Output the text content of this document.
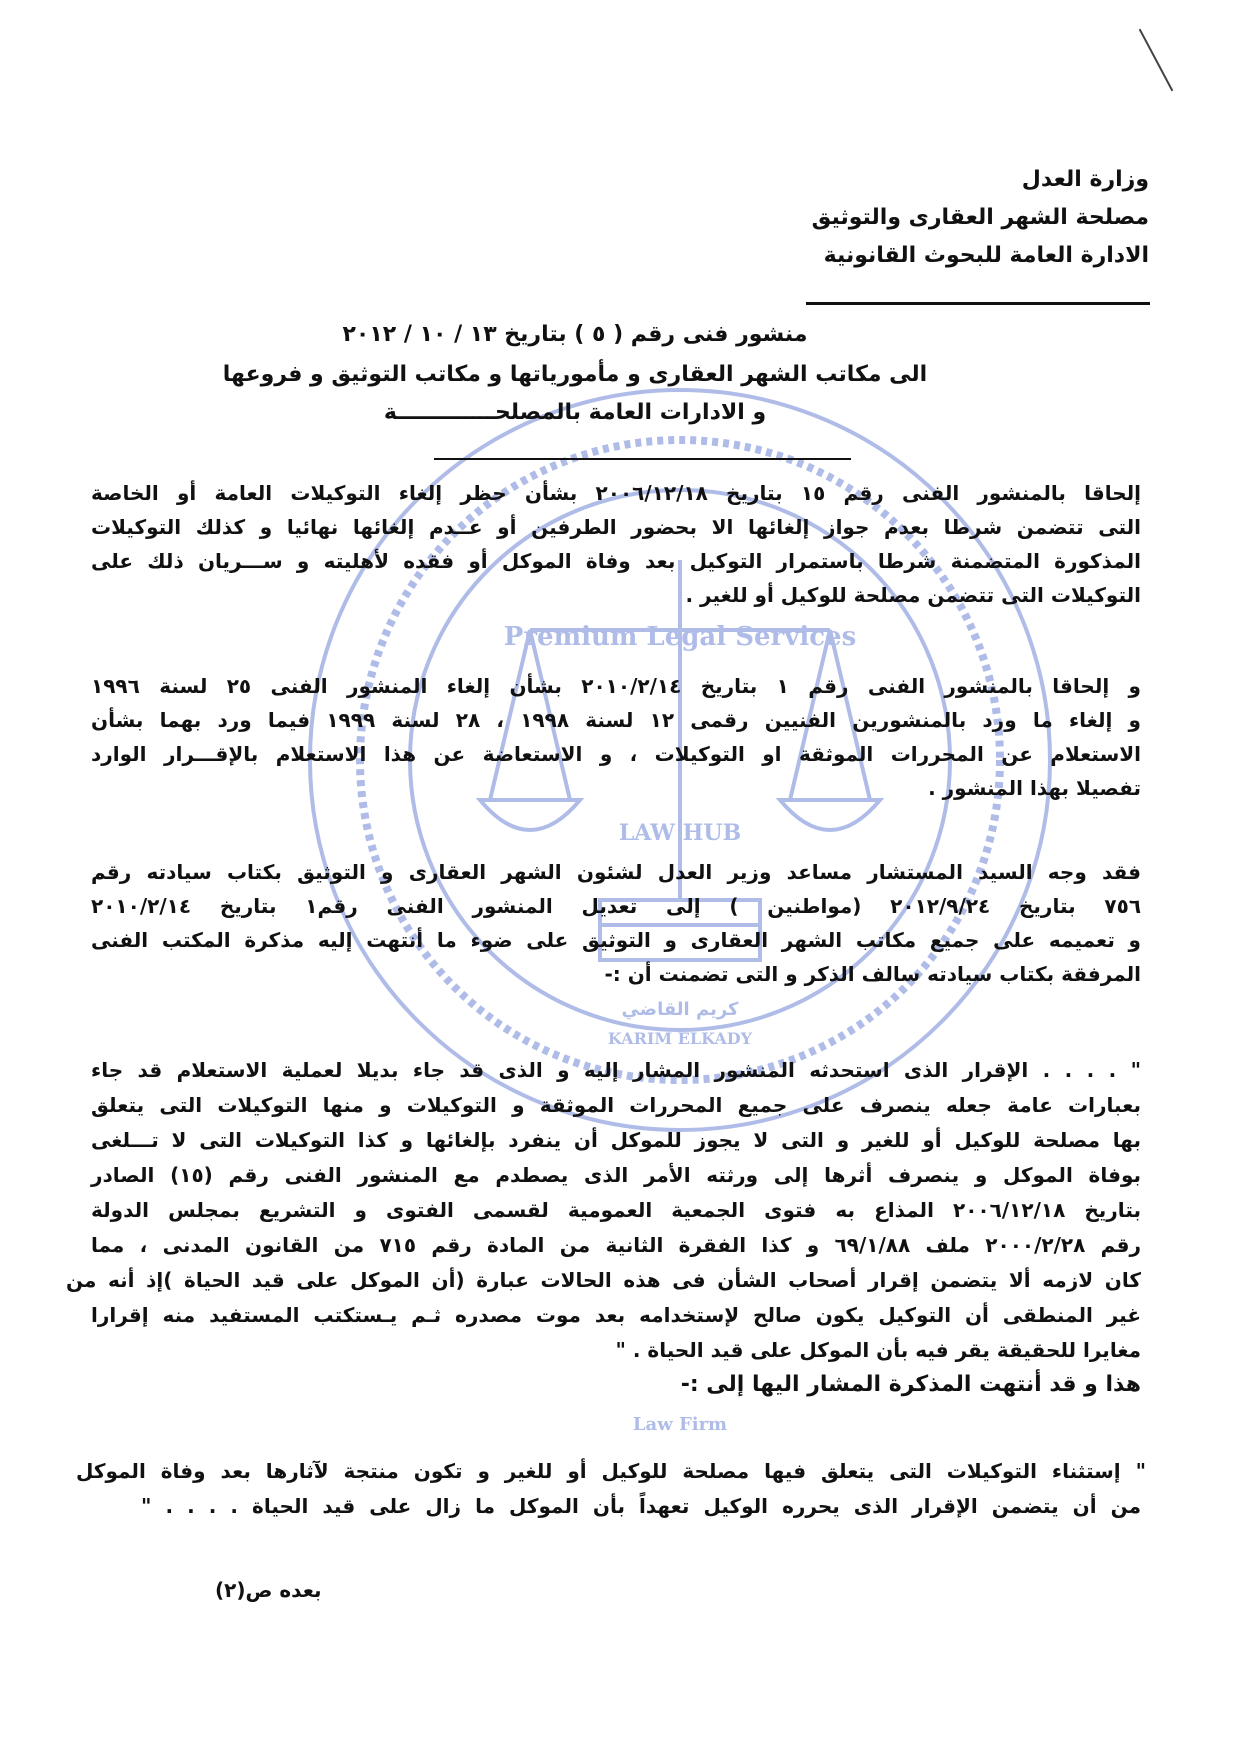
Premium Legal Services
LAW HUB
كريم القاضي
KARIM ELKADY
Law Firm
وزارة العدل
مصلحة الشهر العقارى والتوثيق
الادارة العامة للبحوث القانونية
منشور فنى رقم ( ٥ ) بتاريخ ١٣ / ١٠ / ٢٠١٢
الى مكاتب الشهر العقارى و مأمورياتها و مكاتب التوثيق و فروعها
و الادارات العامة بالمصلحـــــــــــــة
إلحاقا بالمنشور الفنى رقم ١٥ بتاريخ ٢٠٠٦/١٢/١٨ بشأن حظر إلغاء التوكيلات العامة أو الخاصة
التى تتضمن شرطا بعدم جواز إلغائها الا بحضور الطرفين أو عــدم إلغائها نهائيا و كذلك التوكيلات
المذكورة المتضمنة شرطا باستمرار التوكيل بعد وفاة الموكل أو فقده لأهليته و ســـريان ذلك على
التوكيلات التى تتضمن مصلحة للوكيل أو للغير .
و إلحاقا بالمنشور الفنى رقم ١ بتاريخ ٢٠١٠/٢/١٤ بشأن إلغاء المنشور الفنى ٢٥ لسنة ١٩٩٦
و إلغاء ما ورد بالمنشورين الفنيين رقمى ١٢ لسنة ١٩٩٨ ، ٢٨ لسنة ١٩٩٩ فيما ورد بهما بشأن
الاستعلام عن المحررات الموثقة او التوكيلات ، و الاستعاضة عن هذا الاستعلام بالإقـــرار الوارد
تفصيلا بهذا المنشور .
فقد وجه السيد المستشار مساعد وزير العدل لشئون الشهر العقارى و التوثيق بكتاب سيادته رقم
٧٥٦ بتاريخ ٢٠١٢/٩/٢٤ (مواطنين ) إلى تعديل المنشور الفنى رقم١ بتاريخ ٢٠١٠/٢/١٤
و تعميمه على جميع مكاتب الشهر العقارى و التوثيق على ضوء ما أنتهت إليه مذكرة المكتب الفنى
المرفقة بكتاب سيادته سالف الذكر و التى تضمنت أن :-
" . . . . الإقرار الذى استحدثه المنشور المشار إليه و الذى قد جاء بديلا لعملية الاستعلام قد جاء
بعبارات عامة جعله ينصرف على جميع المحررات الموثقة و التوكيلات و منها التوكيلات التى يتعلق
بها مصلحة للوكيل أو للغير و التى لا يجوز للموكل أن ينفرد بإلغائها و كذا التوكيلات التى لا تـــلغى
بوفاة الموكل و ينصرف أثرها إلى ورثته الأمر الذى يصطدم مع المنشور الفنى رقم (١٥) الصادر
بتاريخ ٢٠٠٦/١٢/١٨ المذاع به فتوى الجمعية العمومية لقسمى الفتوى و التشريع بمجلس الدولة
رقم ٢٠٠٠/٢/٢٨ ملف ٦٩/١/٨٨ و كذا الفقرة الثانية من المادة رقم ٧١٥ من القانون المدنى ، مما
كان لازمه ألا يتضمن إقرار أصحاب الشأن فى هذه الحالات عبارة (أن الموكل على قيد الحياة )إذ أنه من
غير المنطقى أن التوكيل يكون صالح لإستخدامه بعد موت مصدره ثـم يـستكتب المستفيد منه إقرارا
مغايرا للحقيقة يقر فيه بأن الموكل على قيد الحياة . "
هذا و قد أنتهت المذكرة المشار اليها إلى :-
" إستثناء التوكيلات التى يتعلق فيها مصلحة للوكيل أو للغير و تكون منتجة لآثارها بعد وفاة الموكل
من أن يتضمن الإقرار الذى يحرره الوكيل تعهداً بأن الموكل ما زال على قيد الحياة . . . . "
بعده ص(٢)
